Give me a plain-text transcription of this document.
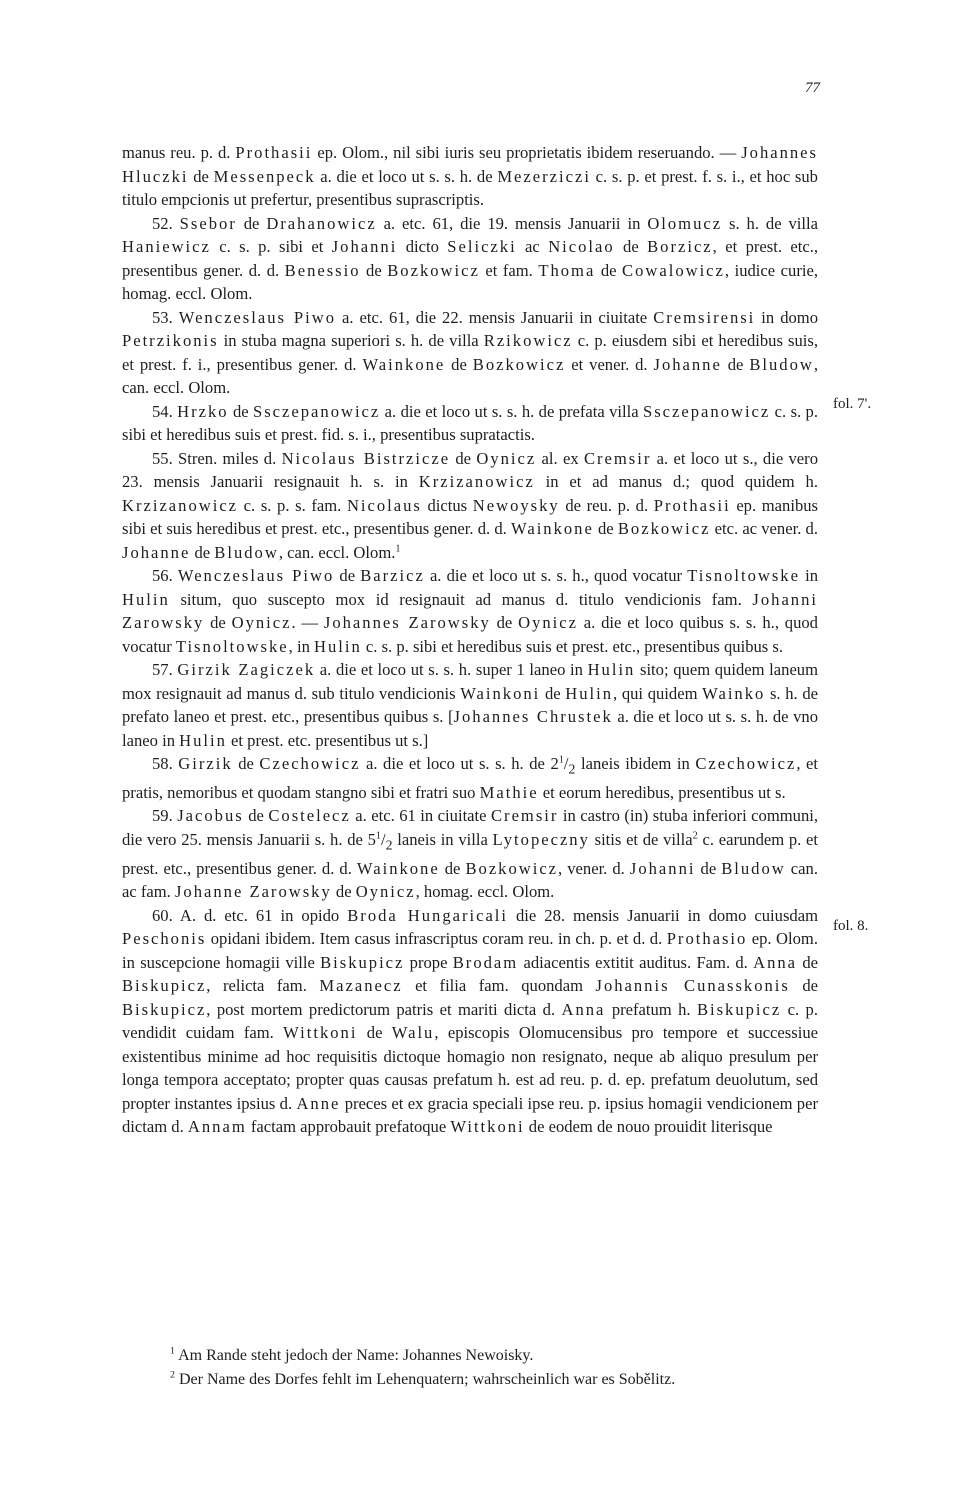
77
fol. 7'.
fol. 8.

manus reu. p. d. Prothasii ep. Olom., nil sibi iuris seu proprietatis ibidem reseruando. — Johannes Hluczki de Messenpeck a. die et loco ut s. s. h. de Mezerziczi c. s. p. et prest. f. s. i., et hoc sub titulo empcionis ut prefertur, presentibus suprascriptis.

52. Ssebor de Drahanowicz a. etc. 61, die 19. mensis Januarii in Olomucz s. h. de villa Haniewicz c. s. p. sibi et Johanni dicto Seliczki ac Nicolao de Borzicz, et prest. etc., presentibus gener. d. d. Benessio de Bozkowicz et fam. Thoma de Cowalowicz, iudice curie, homag. eccl. Olom.

53. Wenczeslaus Piwo a. etc. 61, die 22. mensis Januarii in ciuitate Cremsirensi in domo Petrzikonis in stuba magna superiori s. h. de villa Rzikowicz c. p. eiusdem sibi et heredibus suis, et prest. f. i., presentibus gener. d. Wainkone de Bozkowicz et vener. d. Johanne de Bludow, can. eccl. Olom.

54. Hrzko de Ssczepanowicz a. die et loco ut s. s. h. de prefata villa Ssczepanowicz c. s. p. sibi et heredibus suis et prest. fid. s. i., presentibus supratactis.

55. Stren. miles d. Nicolaus Bistrzicze de Oynicz al. ex Cremsir a. et loco ut s., die vero 23. mensis Januarii resignauit h. s. in Krzizanowicz in et ad manus d.; quod quidem h. Krzizanowicz c. s. p. s. fam. Nicolaus dictus Newoysky de reu. p. d. Prothasii ep. manibus sibi et suis heredibus et prest. etc., presentibus gener. d. d. Wainkone de Bozkowicz etc. ac vener. d. Johanne de Bludow, can. eccl. Olom.$^1$

56. Wenczeslaus Piwo de Barzicz a. die et loco ut s. s. h., quod vocatur Tisnoltowske in Hulin situm, quo suscepto mox id resignauit ad manus d. titulo vendicionis fam. Johanni Zarowsky de Oynicz. — Johannes Zarowsky de Oynicz a. die et loco quibus s. s. h., quod vocatur Tisnoltowske, in Hulin c. s. p. sibi et heredibus suis et prest. etc., presentibus quibus s.

57. Girzik Zagiczek a. die et loco ut s. s. h. super 1 laneo in Hulin sito; quem quidem laneum mox resignauit ad manus d. sub titulo vendicionis Wainkoni de Hulin, qui quidem Wainko s. h. de prefato laneo et prest. etc., presentibus quibus s. [Johannes Chrustek a. die et loco ut s. s. h. de vno laneo in Hulin et prest. etc. presentibus ut s.]

58. Girzik de Czechowicz a. die et loco ut s. s. h. de $2^1/_2$ laneis ibidem in Czechowicz, et pratis, nemoribus et quodam stangno sibi et fratri suo Mathie et eorum heredibus, presentibus ut s.

59. Jacobus de Costelecz a. etc. 61 in ciuitate Cremsir in castro (in) stuba inferiori communi, die vero 25. mensis Januarii s. h. de $5^1/_2$ laneis in villa Lytopeczny sitis et de villa$^2$ c. earundem p. et prest. etc., presentibus gener. d. d. Wainkone de Bozkowicz, vener. d. Johanni de Bludow can. ac fam. Johanne Zarowsky de Oynicz, homag. eccl. Olom.

60. A. d. etc. 61 in opido Broda Hungaricali die 28. mensis Januarii in domo cuiusdam Peschonis opidani ibidem. Item casus infrascriptus coram reu. in ch. p. et d. d. Prothasio ep. Olom. in suscepcione homagii ville Biskupicz prope Brodam adiacentis extitit auditus. Fam. d. Anna de Biskupicz, relicta fam. Mazanecz et filia fam. quondam Johannis Cunasskonis de Biskupicz, post mortem predictorum patris et mariti dicta d. Anna prefatum h. Biskupicz c. p. vendidit cuidam fam. Wittkoni de Walu, episcopis Olomucensibus pro tempore et successiue existentibus minime ad hoc requisitis dictoque homagio non resignato, neque ab aliquo presulum per longa tempora acceptato; propter quas causas prefatum h. est ad reu. p. d. ep. prefatum deuolutum, sed propter instantes ipsius d. Anne preces et ex gracia speciali ipse reu. p. ipsius homagii vendicionem per dictam d. Annam factam approbauit prefatoque Wittkoni de eodem de nouo prouidit literisque

$^1$ Am Rande steht jedoch der Name: Johannes Newoisky.
$^2$ Der Name des Dorfes fehlt im Lehenquatern; wahrscheinlich war es Sobělitz.
